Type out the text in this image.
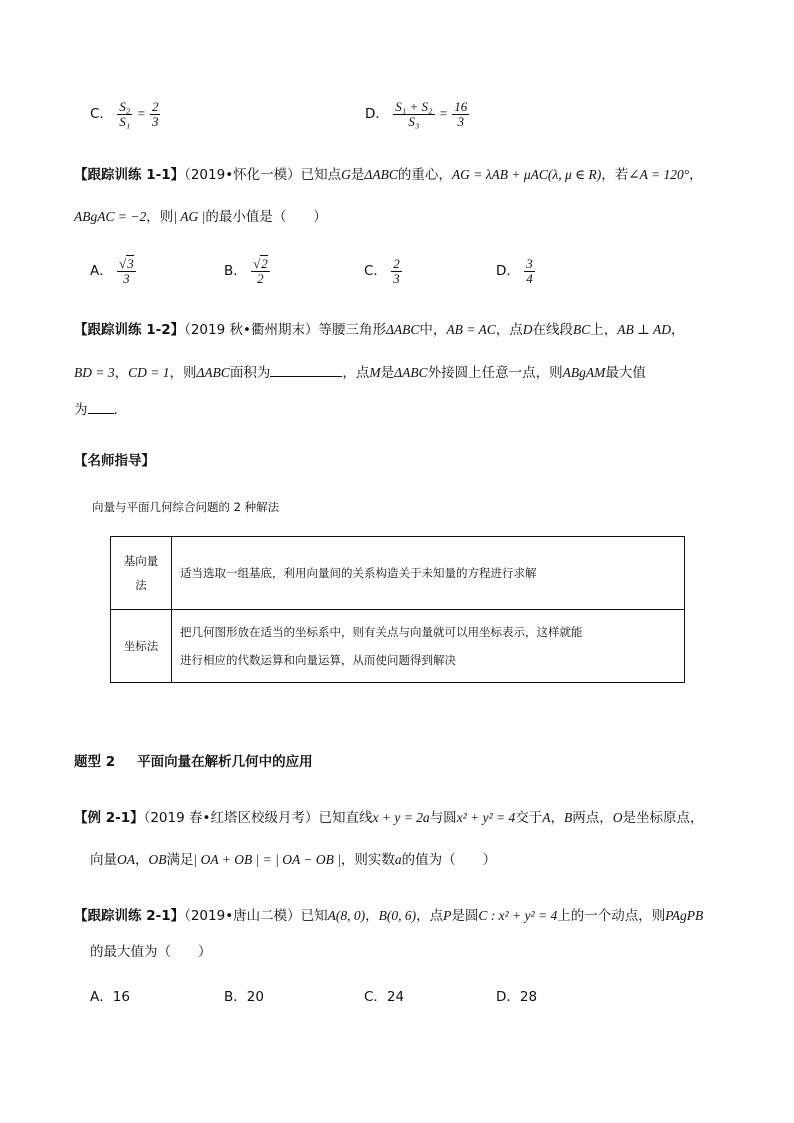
C． $\frac{\text{S₂}}{\text{S₁}} = \frac{2}{3}$	D． $\frac{\text{S₁ + S₂}}{\text{S₃}} = \frac{16}{3}$
【跟踪训练 1-1】（2019•怀化一模）已知点G是ΔABC的重心，AG = λAB + μAC(λ, μ ∈ R)，若∠A = 120°，
ABgAC = −2，则| AG |的最小值是（　　）
A． $\frac{√3}{3}$	B． $\frac{√2}{2}$	C． $\frac{2}{3}$	D． $\frac{3}{4}$
【跟踪训练 1-2】（2019 秋•衢州期末）等腰三角形ΔABC中，AB = AC，点D在线段BC上，AB ⊥ AD，
BD = 3，CD = 1，则ΔABC面积为	，点M是ΔABC外接圆上任意一点，则ABgAM最大值
为 ．
【名师指导】
向量与平面几何综合问题的 2 种解法
基向量
法	适当选取一组基底，利用向量间的关系构造关于未知量的方程进行求解

坐标法	把几何图形放在适当的坐标系中，则有关点与向量就可以用坐标表示，这样就能
进行相应的代数运算和向量运算，从而使问题得到解决
题型 2 平面向量在解析几何中的应用
【例 2-1】（2019 春•红塔区校级月考）已知直线x + y = 2a与圆x² + y² = 4交于A，B两点，O是坐标原点，
向量OA，OB满足| OA + OB | = | OA − OB |，则实数a的值为（　　）
【跟踪训练 2-1】（2019•唐山二模）已知A(8, 0)，B(0, 6)，点P是圆C : x² + y² = 4上的一个动点，则PAgPB
的最大值为（　　）
A．16	B．20	C．24	D．28
